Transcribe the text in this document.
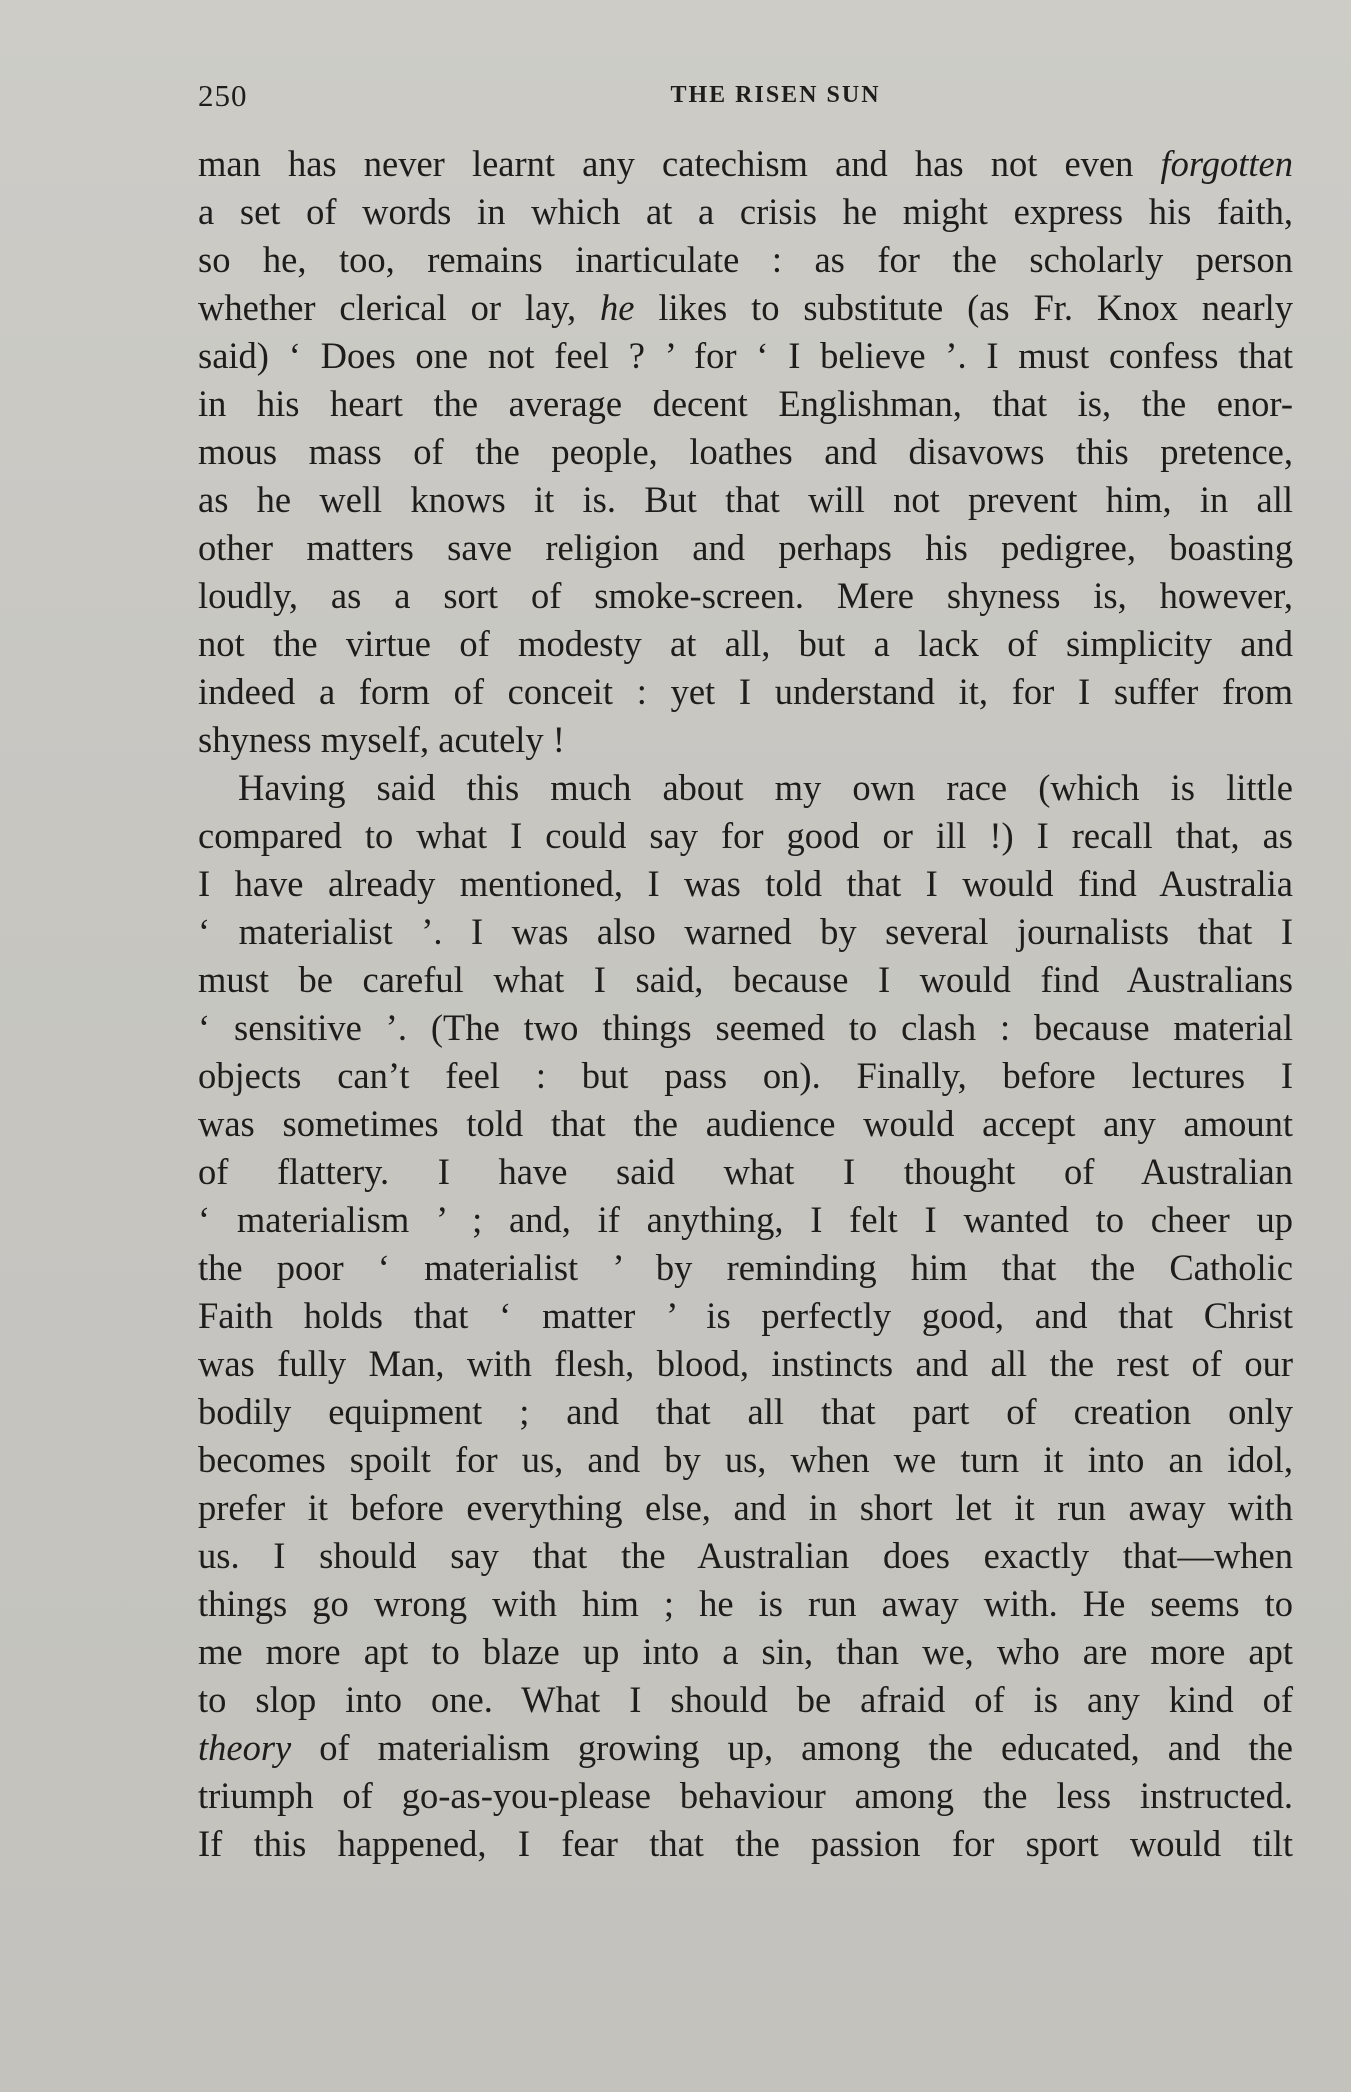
250	THE RISEN SUN
man has never learnt any catechism and has not even forgotten
a set of words in which at a crisis he might express his faith,
so he, too, remains inarticulate : as for the scholarly person
whether clerical or lay, he likes to substitute (as Fr. Knox nearly
said) ‘ Does one not feel ? ’ for ‘ I believe ’. I must confess that
in his heart the average decent Englishman, that is, the enor-
mous mass of the people, loathes and disavows this pretence,
as he well knows it is. But that will not prevent him, in all
other matters save religion and perhaps his pedigree, boasting
loudly, as a sort of smoke-screen. Mere shyness is, however,
not the virtue of modesty at all, but a lack of simplicity and
indeed a form of conceit : yet I understand it, for I suffer from
shyness myself, acutely !
Having said this much about my own race (which is little
compared to what I could say for good or ill !) I recall that, as
I have already mentioned, I was told that I would find Australia
‘ materialist ’. I was also warned by several journalists that I
must be careful what I said, because I would find Australians
‘ sensitive ’. (The two things seemed to clash : because material
objects can’t feel : but pass on). Finally, before lectures I
was sometimes told that the audience would accept any amount
of flattery. I have said what I thought of Australian
‘ materialism ’ ; and, if anything, I felt I wanted to cheer up
the poor ‘ materialist ’ by reminding him that the Catholic
Faith holds that ‘ matter ’ is perfectly good, and that Christ
was fully Man, with flesh, blood, instincts and all the rest of our
bodily equipment ; and that all that part of creation only
becomes spoilt for us, and by us, when we turn it into an idol,
prefer it before everything else, and in short let it run away with
us. I should say that the Australian does exactly that—when
things go wrong with him ; he is run away with. He seems to
me more apt to blaze up into a sin, than we, who are more apt
to slop into one. What I should be afraid of is any kind of
theory of materialism growing up, among the educated, and the
triumph of go-as-you-please behaviour among the less instructed.
If this happened, I fear that the passion for sport would tilt
